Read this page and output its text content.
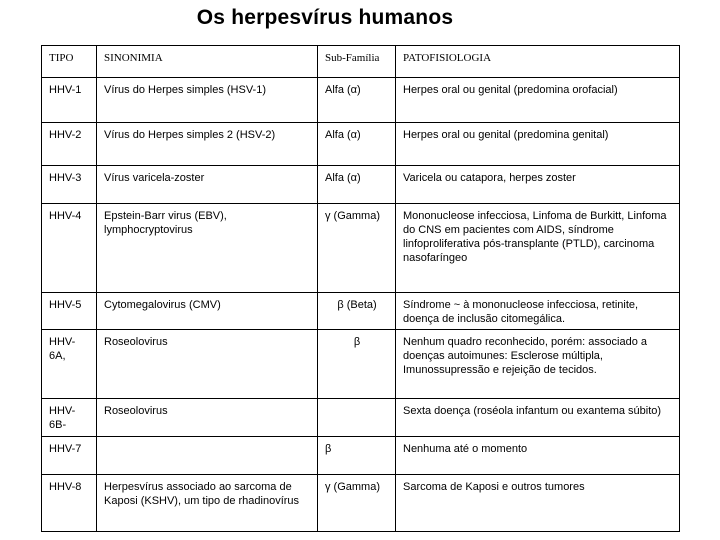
Os herpesvírus humanos
TIPO	SINONIMIA	Sub-Família	PATOFISIOLOGIA
HHV-1	Vírus do Herpes simples (HSV-1)	Alfa (α)	Herpes oral ou genital (predomina orofacial)
HHV-2	Vírus do Herpes simples 2 (HSV-2)	Alfa (α)	Herpes oral ou genital (predomina genital)
HHV-3	Vírus varicela-zoster	Alfa (α)	Varicela ou catapora, herpes zoster
HHV-4	Epstein-Barr virus (EBV), lymphocryptovirus	γ (Gamma)	Mononucleose infecciosa, Linfoma de Burkitt, Linfoma do CNS em pacientes com AIDS, síndrome linfoproliferativa pós-transplante (PTLD), carcinoma nasofaríngeo
HHV-5	Cytomegalovirus (CMV)	β (Beta)	Síndrome ~ à mononucleose infecciosa, retinite, doença de inclusão citomegálica.
HHV-6A,	Roseolovirus	β	Nenhum quadro reconhecido, porém: associado a doenças autoimunes: Esclerose múltipla, Imunossupressão e rejeição de tecidos.
HHV-6B-	Roseolovirus		Sexta doença (roséola infantum ou exantema súbito)
HHV-7		β	Nenhuma até o momento
HHV-8	Herpesvírus associado ao sarcoma de Kaposi (KSHV), um tipo de rhadinovírus	γ (Gamma)	Sarcoma de Kaposi e outros tumores
